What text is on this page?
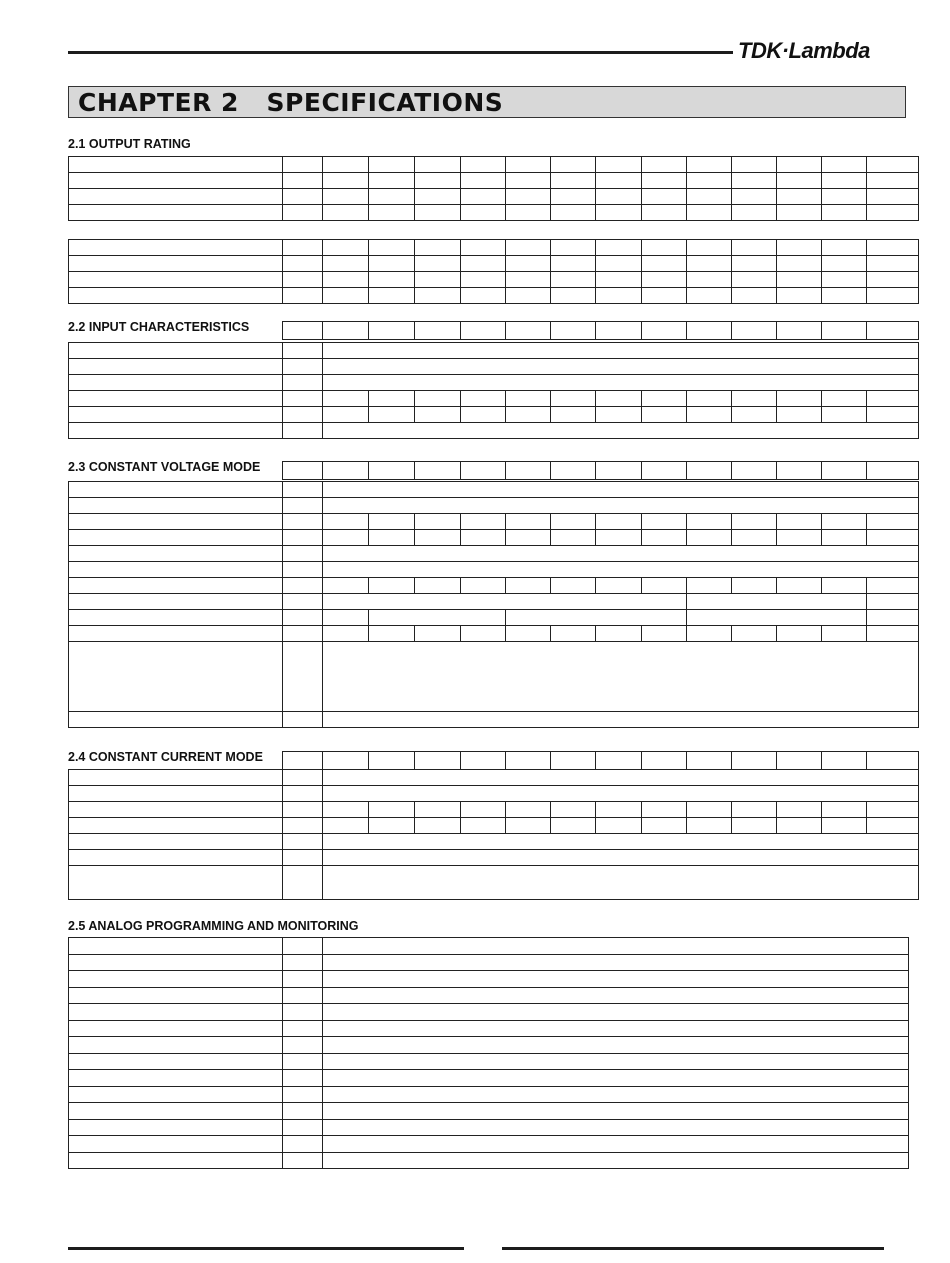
TDK·Lambda
CHAPTER 2   SPECIFICATIONS
2.1 OUTPUT RATING

2.2 INPUT CHARACTERISTICS

2.3 CONSTANT VOLTAGE MODE

2.4 CONSTANT CURRENT MODE

2.5 ANALOG PROGRAMMING AND MONITORING
